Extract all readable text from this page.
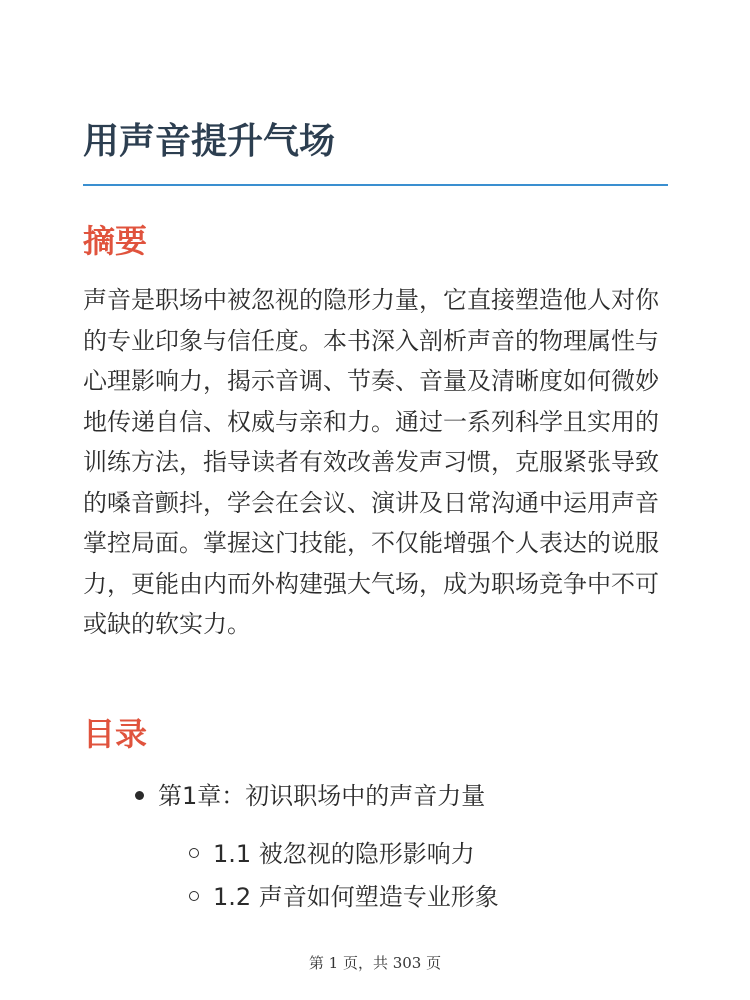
用声音提升气场
摘要

声音是职场中被忽视的隐形力量，它直接塑造他人对你的专业印象与信任度。本书深入剖析声音的物理属性与心理影响力，揭示音调、节奏、音量及清晰度如何微妙地传递自信、权威与亲和力。通过一系列科学且实用的训练方法，指导读者有效改善发声习惯，克服紧张导致的嗓音颤抖，学会在会议、演讲及日常沟通中运用声音掌控局面。掌握这门技能，不仅能增强个人表达的说服力，更能由内而外构建强大气场，成为职场竞争中不可或缺的软实力。

目录
第1章：初识职场中的声音力量
1.1 被忽视的隐形影响力
1.2 声音如何塑造专业形象
第 1 页，共 303 页
